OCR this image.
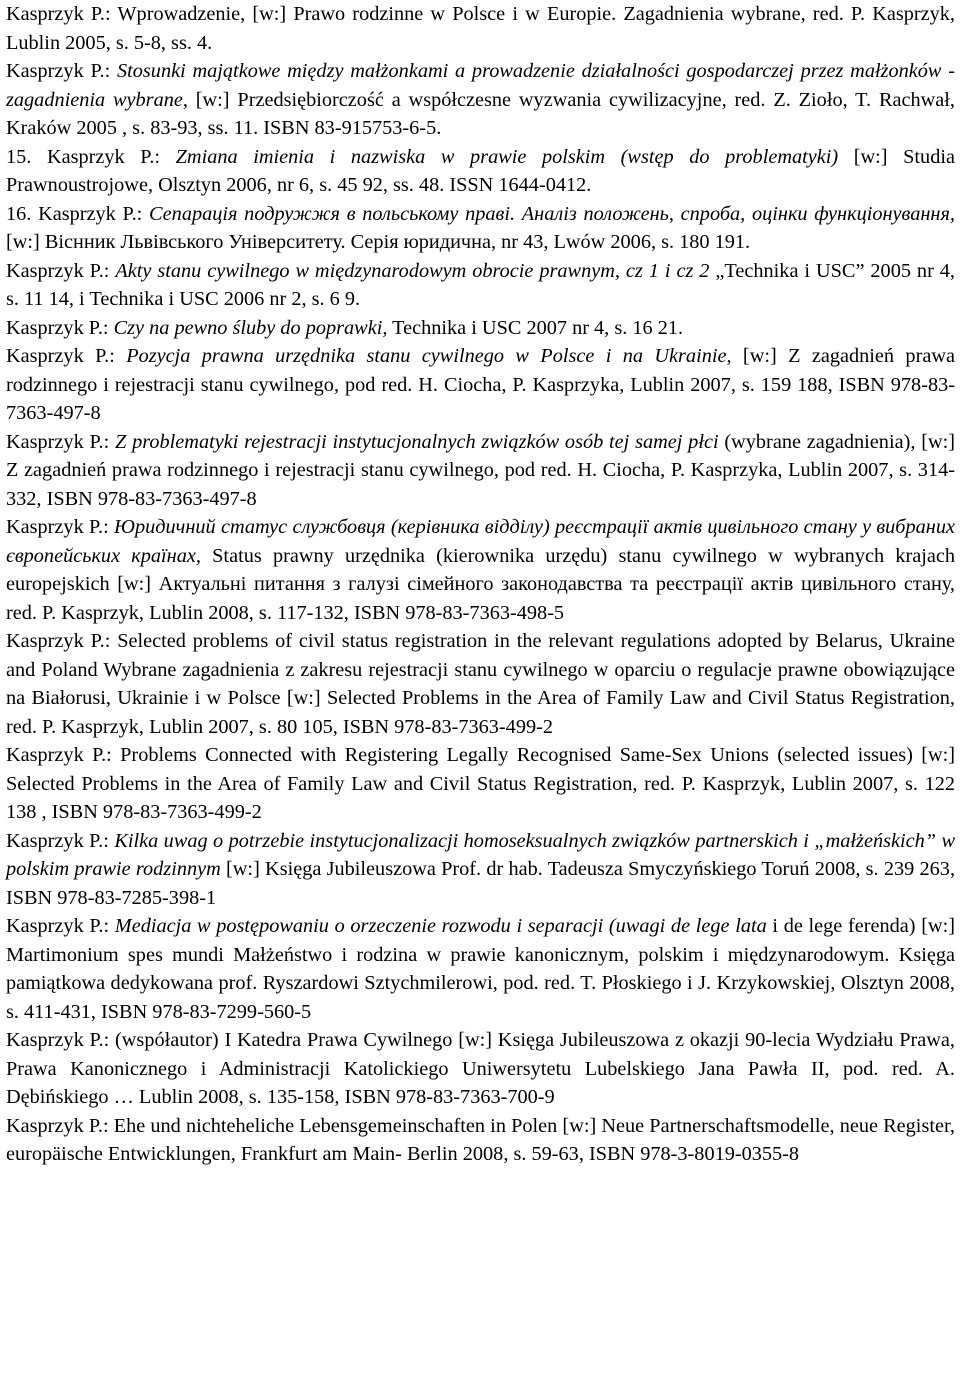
Kasprzyk P.: Wprowadzenie, [w:] Prawo rodzinne w Polsce i w Europie. Zagadnienia wybrane, red. P. Kasprzyk, Lublin 2005, s. 5-8, ss. 4.

Kasprzyk P.: Stosunki majątkowe między małżonkami a prowadzenie działalności gospodarczej przez małżonków - zagadnienia wybrane, [w:] Przedsiębiorczość a współczesne wyzwania cywilizacyjne, red. Z. Zioło, T. Rachwał, Kraków 2005 , s. 83-93, ss. 11. ISBN 83-915753-6-5.

15. Kasprzyk P.: Zmiana imienia i nazwiska w prawie polskim (wstęp do problematyki) [w:] Studia Prawnoustrojowe, Olsztyn 2006, nr 6, s. 45 92, ss. 48. ISSN 1644-0412.

16. Kasprzyk P.: Сепарація подружжя в польському праві. Аналіз положень, спроба, оцінки функціонування, [w:] Віснник Львівського Університету. Серія юридична, nr 43, Lwów 2006, s. 180 191.

Kasprzyk P.: Akty stanu cywilnego w międzynarodowym obrocie prawnym, cz 1 i cz 2 „Technika i USC” 2005 nr 4, s. 11 14, i Technika i USC 2006 nr 2, s. 6 9.

Kasprzyk P.: Czy na pewno śluby do poprawki, Technika i USC 2007 nr 4, s. 16 21.

Kasprzyk P.: Pozycja prawna urzędnika stanu cywilnego w Polsce i na Ukrainie, [w:] Z zagadnień prawa rodzinnego i rejestracji stanu cywilnego, pod red. H. Ciocha, P. Kasprzyka, Lublin 2007, s. 159 188, ISBN 978-83-7363-497-8

Kasprzyk P.: Z problematyki rejestracji instytucjonalnych związków osób tej samej płci (wybrane zagadnienia), [w:] Z zagadnień prawa rodzinnego i rejestracji stanu cywilnego, pod red. H. Ciocha, P. Kasprzyka, Lublin 2007, s. 314-332, ISBN 978-83-7363-497-8

Kasprzyk P.: Юридичний статус службовця (керівника відділу) реєстрації актів цивільного стану у вибраних європейських країнах, Status prawny urzędnika (kierownika urzędu) stanu cywilnego w wybranych krajach europejskich [w:] Актуальні питання з галузі сімейного законодавства та реєстрації актів цивільного стану, red. P. Kasprzyk, Lublin 2008, s. 117-132, ISBN 978-83-7363-498-5

Kasprzyk P.: Selected problems of civil status registration in the relevant regulations adopted by Belarus, Ukraine and Poland Wybrane zagadnienia z zakresu rejestracji stanu cywilnego w oparciu o regulacje prawne obowiązujące na Białorusi, Ukrainie i w Polsce [w:] Selected Problems in the Area of Family Law and Civil Status Registration, red. P. Kasprzyk, Lublin 2007, s. 80 105, ISBN 978-83-7363-499-2

Kasprzyk P.: Problems Connected with Registering Legally Recognised Same-Sex Unions (selected issues) [w:] Selected Problems in the Area of Family Law and Civil Status Registration, red. P. Kasprzyk, Lublin 2007, s. 122 138 , ISBN 978-83-7363-499-2

Kasprzyk P.: Kilka uwag o potrzebie instytucjonalizacji homoseksualnych związków partnerskich i „małżeńskich” w polskim prawie rodzinnym [w:] Księga Jubileuszowa Prof. dr hab. Tadeusza Smyczyńskiego Toruń 2008, s. 239 263, ISBN 978-83-7285-398-1

Kasprzyk P.: Mediacja w postępowaniu o orzeczenie rozwodu i separacji (uwagi de lege lata i de lege ferenda) [w:] Martimonium spes mundi Małżeństwo i rodzina w prawie kanonicznym, polskim i międzynarodowym. Księga pamiątkowa dedykowana prof. Ryszardowi Sztychmilerowi, pod. red. T. Płoskiego i J. Krzykowskiej, Olsztyn 2008, s. 411-431, ISBN 978-83-7299-560-5

Kasprzyk P.: (współautor) I Katedra Prawa Cywilnego [w:] Księga Jubileuszowa z okazji 90-lecia Wydziału Prawa, Prawa Kanonicznego i Administracji Katolickiego Uniwersytetu Lubelskiego Jana Pawła II, pod. red. A. Dębińskiego … Lublin 2008, s. 135-158, ISBN 978-83-7363-700-9

Kasprzyk P.: Ehe und nichteheliche Lebensgemeinschaften in Polen [w:] Neue Partnerschaftsmodelle, neue Register, europäische Entwicklungen, Frankfurt am Main- Berlin 2008, s. 59-63, ISBN 978-3-8019-0355-8
